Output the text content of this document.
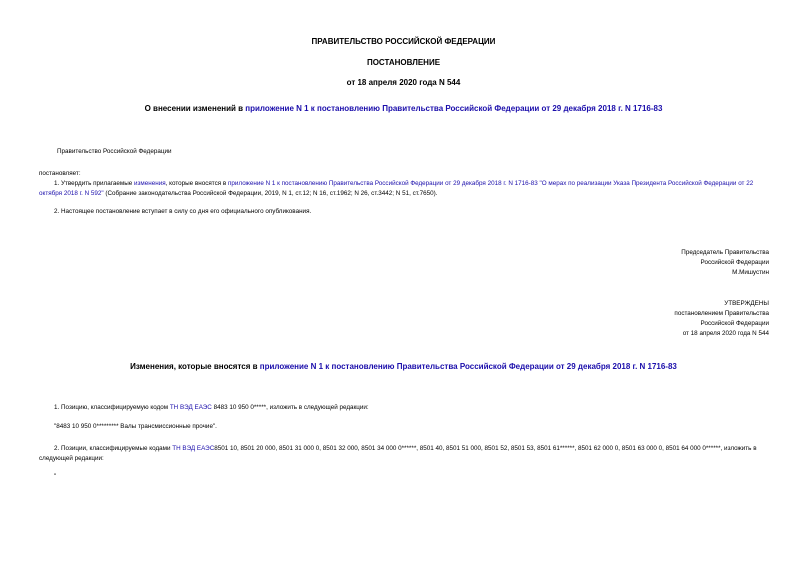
ПРАВИТЕЛЬСТВО РОССИЙСКОЙ ФЕДЕРАЦИИ
ПОСТАНОВЛЕНИЕ
от 18 апреля 2020 года N 544
О внесении изменений в приложение N 1 к постановлению Правительства Российской Федерации от 29 декабря 2018 г. N 1716-83
Правительство Российской Федерации
постановляет:
1. Утвердить прилагаемые изменения, которые вносятся в приложение N 1 к постановлению Правительства Российской Федерации от 29 декабря 2018 г. N 1716-83 "О мерах по реализации Указа Президента Российской Федерации от 22 октября 2018 г. N 592" (Собрание законодательства Российской Федерации, 2019, N 1, ст.12; N 16, ст.1962; N 26, ст.3442; N 51, ст.7650).
2. Настоящее постановление вступает в силу со дня его официального опубликования.
Председатель Правительства
Российской Федерации
М.Мишустин
УТВЕРЖДЕНЫ
постановлением Правительства
Российской Федерации
от 18 апреля 2020 года N 544
Изменения, которые вносятся в приложение N 1 к постановлению Правительства Российской Федерации от 29 декабря 2018 г. N 1716-83
1. Позицию, классифицируемую кодом ТН ВЭД ЕАЭС 8483 10 950 0*****, изложить в следующей редакции:
"8483 10 950 0********* Валы трансмиссионные прочие".
2. Позиции, классифицируемые кодами ТН ВЭД ЕАЭС8501 10, 8501 20 000, 8501 31 000 0, 8501 32 000, 8501 34 000 0******, 8501 40, 8501 51 000, 8501 52, 8501 53, 8501 61******, 8501 62 000 0, 8501 63 000 0, 8501 64 000 0******, изложить в следующей редакции:
"
